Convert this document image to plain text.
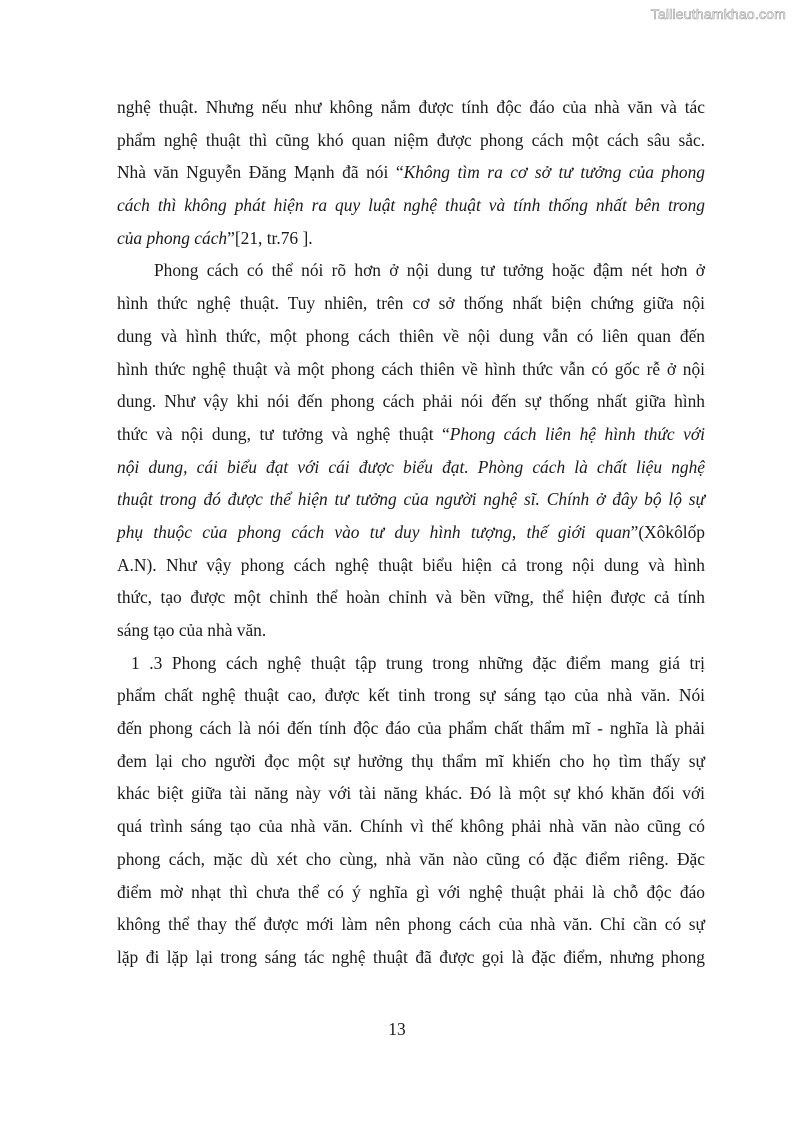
Tailieuthamkhao.com
nghệ thuật. Nhưng nếu như không nắm được tính độc đáo của nhà văn và tác
phẩm nghệ thuật thì cũng khó quan niệm được phong cách một cách sâu sắc.
Nhà văn Nguyễn Đăng Mạnh đã nói “Không tìm ra cơ sở tư tưởng của phong
cách thì không phát hiện ra quy luật nghệ thuật và tính thống nhất bên trong
của phong cách”[21, tr.76 ].
Phong cách có thể nói rõ hơn ở nội dung tư tưởng hoặc đậm nét hơn ở
hình thức nghệ thuật. Tuy nhiên, trên cơ sở thống nhất biện chứng giữa nội
dung và hình thức, một phong cách thiên về nội dung vẫn có liên quan đến
hình thức nghệ thuật và một phong cách thiên về hình thức vẫn có gốc rễ ở nội
dung. Như vậy khi nói đến phong cách phải nói đến sự thống nhất giữa hình
thức và nội dung, tư tưởng và nghệ thuật “Phong cách liên hệ hình thức với
nội dung, cái biểu đạt với cái được biểu đạt. Phòng cách là chất liệu nghệ
thuật trong đó được thể hiện tư tưởng của người nghệ sĩ. Chính ở đây bộ lộ sự
phụ thuộc của phong cách vào tư duy hình tượng, thế giới quan”(Xôkôlốp
A.N). Như vậy phong cách nghệ thuật biểu hiện cả trong nội dung và hình
thức, tạo được một chỉnh thể hoàn chỉnh và bền vững, thể hiện được cả tính
sáng tạo của nhà văn.
1 .3 Phong cách nghệ thuật tập trung trong những đặc điểm mang giá trị
phẩm chất nghệ thuật cao, được kết tinh trong sự sáng tạo của nhà văn. Nói
đến phong cách là nói đến tính độc đáo của phẩm chất thẩm mĩ - nghĩa là phải
đem lại cho người đọc một sự hưởng thụ thẩm mĩ khiến cho họ tìm thấy sự
khác biệt giữa tài năng này với tài năng khác. Đó là một sự khó khăn đối với
quá trình sáng tạo của nhà văn. Chính vì thế không phải nhà văn nào cũng có
phong cách, mặc dù xét cho cùng, nhà văn nào cũng có đặc điểm riêng. Đặc
điểm mờ nhạt thì chưa thể có ý nghĩa gì với nghệ thuật phải là chỗ độc đáo
không thể thay thế được mới làm nên phong cách của nhà văn. Chỉ cần có sự
lặp đi lặp lại trong sáng tác nghệ thuật đã được gọi là đặc điểm, nhưng phong
13
